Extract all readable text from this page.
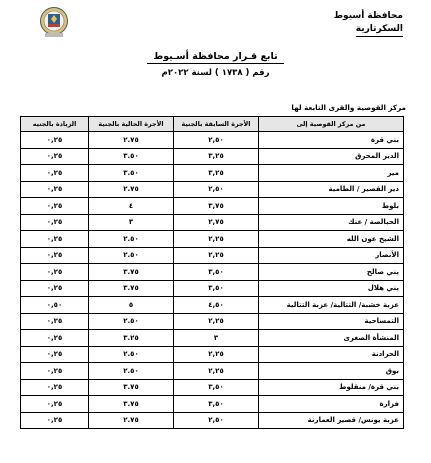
محافظة أسيوط
السكرتارية
تابع قـرار محافظة أسـيوط
رقم ( ١٧٣٨ ) لسنة ٢٠٢٢م
مركز القوصية والقرى التابعة لها
من مركز القوصية إلى	الأجرة السابقة بالجنية	الأجرة الحالية بالجنية	الزيادة بالجنيه
بني قرة	٢,٥٠	٢.٧٥	٠,٢٥
الدير المحرق	٣,٢٥	٣.٥٠	٠,٢٥
مير	٣,٢٥	٣.٥٠	٠,٢٥
دير القصير / الطامية	٢,٥٠	٢.٧٥	٠,٢٥
بلوط	٣,٧٥	٤	٠,٢٥
الحبالصة / عنك	٢,٧٥	٣	٠,٢٥
الشيخ عون الله	٢,٢٥	٢.٥٠	٠,٢٥
الأنصار	٢,٢٥	٢.٥٠	٠,٢٥
بني صالح	٣,٥٠	٣.٧٥	٠,٢٥
بني هلال	٣,٥٠	٣.٧٥	٠,٢٥
عزبة خشبة/ التتالية/ عزبة التتالية	٤,٥٠	٥	٠,٥٠
التمساحية	٢,٢٥	٢.٥٠	٠,٢٥
المنشأة الصغرى	٣	٣.٢٥	٠,٢٥
الحرادنة	٢,٢٥	٢.٥٠	٠,٢٥
بوق	٢,٢٥	٢.٥٠	٠,٢٥
بني قرة/ منقلوط	٣,٥٠	٣.٧٥	٠,٢٥
فزارة	٣,٥٠	٣.٧٥	٠,٢٥
عزبة يونس/ قصير العمارنة	٢,٥٠	٢.٧٥	٠,٢٥
